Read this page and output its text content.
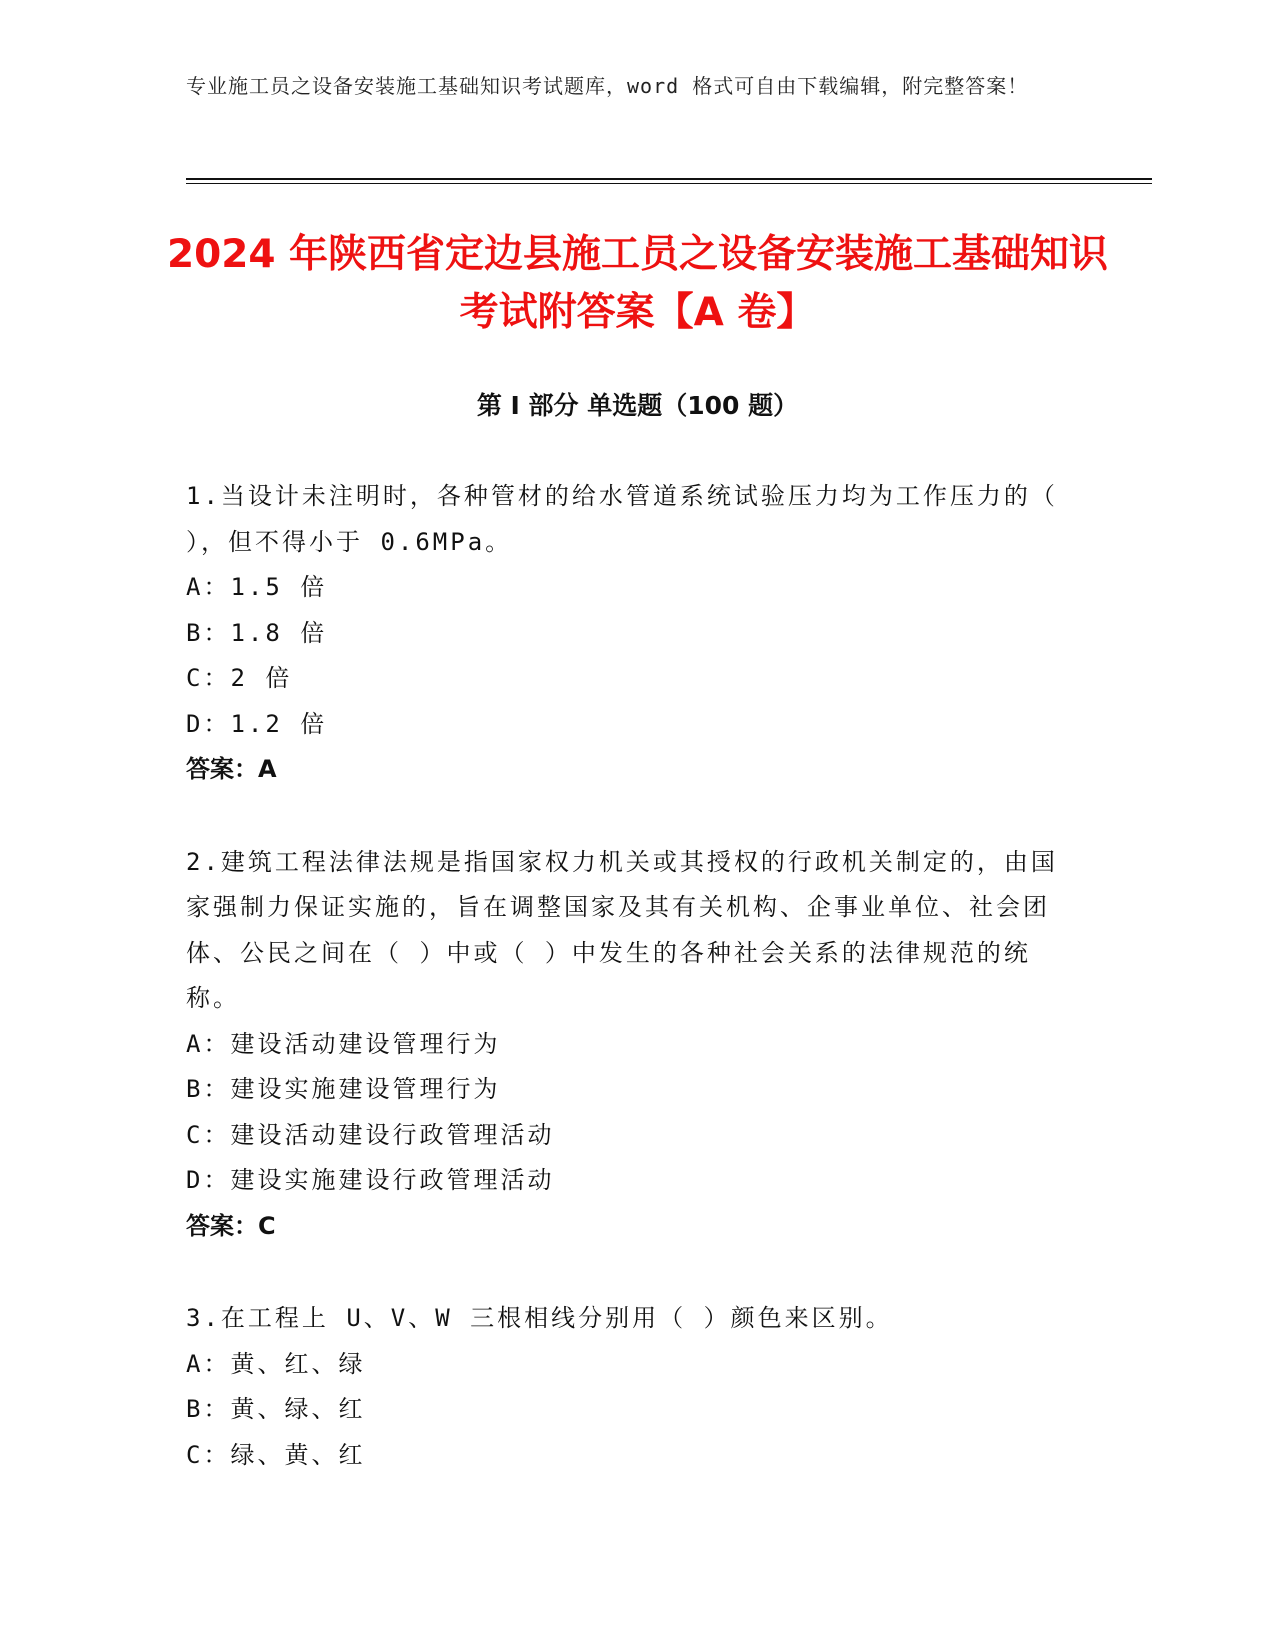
专业施工员之设备安装施工基础知识考试题库，word 格式可自由下载编辑，附完整答案！
2024 年陕西省定边县施工员之设备安装施工基础知识考试附答案【A 卷】
第 I 部分 单选题（100 题）

1.当设计未注明时，各种管材的给水管道系统试验压力均为工作压力的（ ），但不得小于 0.6MPa。

A：1.5 倍

B：1.8 倍

C：2 倍

D：1.2 倍

答案：A

2.建筑工程法律法规是指国家权力机关或其授权的行政机关制定的，由国家强制力保证实施的，旨在调整国家及其有关机构、企事业单位、社会团体、公民之间在（ ）中或（ ）中发生的各种社会关系的法律规范的统称。

A：建设活动建设管理行为

B：建设实施建设管理行为

C：建设活动建设行政管理活动

D：建设实施建设行政管理活动

答案：C

3.在工程上 U、V、W 三根相线分别用（ ）颜色来区别。

A：黄、红、绿

B：黄、绿、红

C：绿、黄、红
